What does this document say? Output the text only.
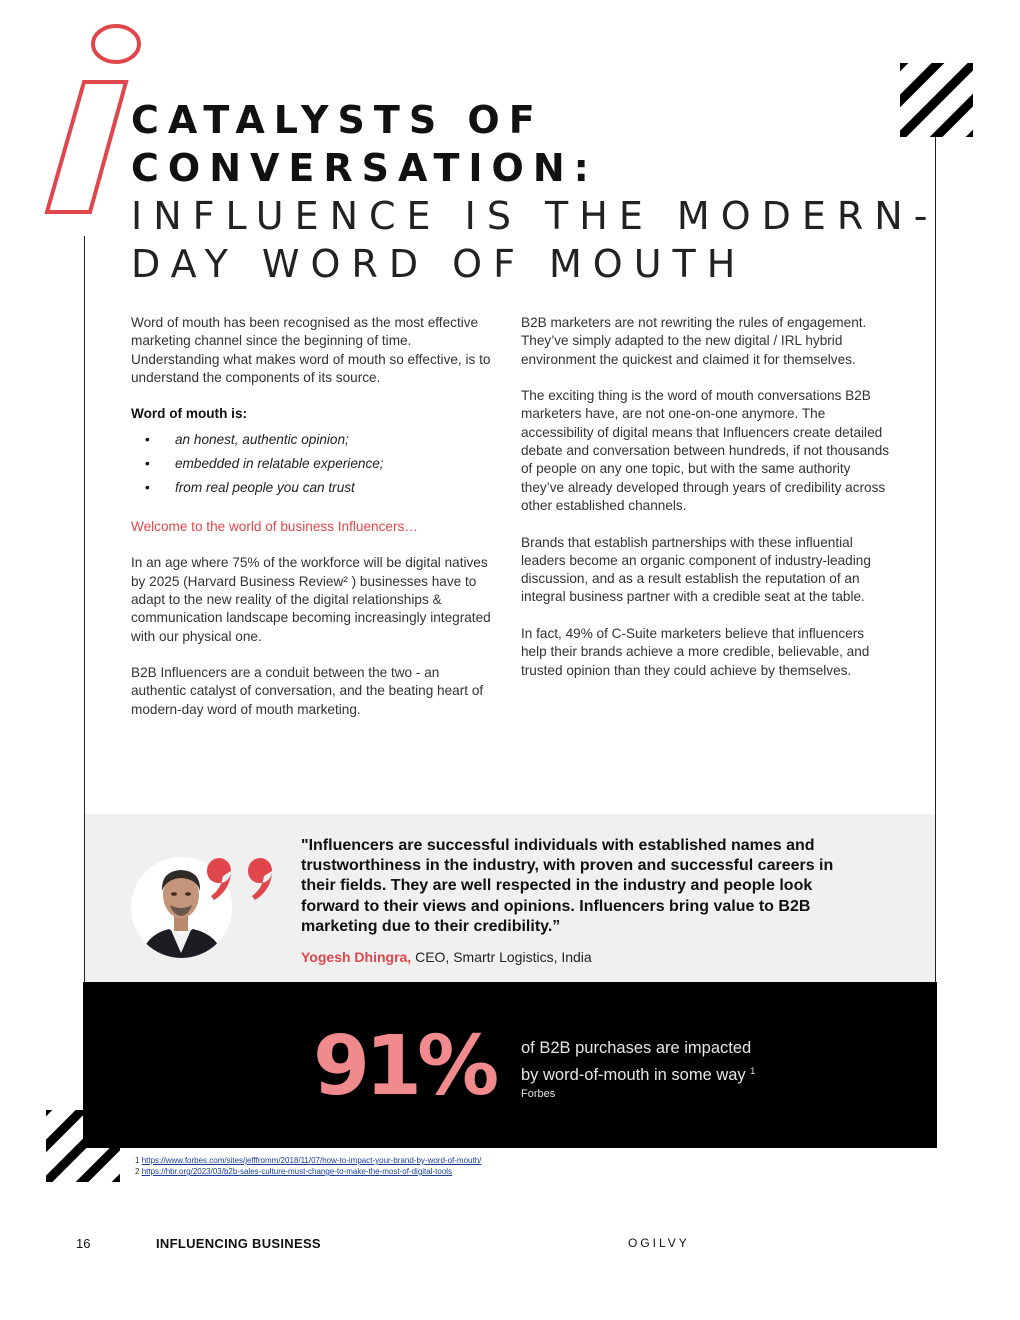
CATALYSTS OF
CONVERSATION:
INFLUENCE IS THE MODERN-
DAY WORD OF MOUTH

Word of mouth has been recognised as the most effective marketing channel since the beginning of time. Understanding what makes word of mouth so effective, is to understand the components of its source.

Word of mouth is:
• an honest, authentic opinion;
• embedded in relatable experience;
• from real people you can trust

Welcome to the world of business Influencers…

In an age where 75% of the workforce will be digital natives by 2025 (Harvard Business Review² ) businesses have to adapt to the new reality of the digital relationships & communication landscape becoming increasingly integrated with our physical one.

B2B Influencers are a conduit between the two - an authentic catalyst of conversation, and the beating heart of modern-day word of mouth marketing.

B2B marketers are not rewriting the rules of engagement. They’ve simply adapted to the new digital / IRL hybrid environment the quickest and claimed it for themselves.

The exciting thing is the word of mouth conversations B2B marketers have, are not one-on-one anymore. The accessibility of digital means that Influencers create detailed debate and conversation between hundreds, if not thousands of people on any one topic, but with the same authority they’ve already developed through years of credibility across other established channels.

Brands that establish partnerships with these influential leaders become an organic component of industry-leading discussion, and as a result establish the reputation of an integral business partner with a credible seat at the table.

In fact, 49% of C-Suite marketers believe that influencers help their brands achieve a more credible, believable, and trusted opinion than they could achieve by themselves.

"Influencers are successful individuals with established names and trustworthiness in the industry, with proven and successful careers in their fields. They are well respected in the industry and people look forward to their views and opinions. Influencers bring value to B2B marketing due to their credibility.”
Yogesh Dhingra, CEO, Smartr Logistics, India
91% of B2B purchases are impacted
by word-of-mouth in some way $^1$
Forbes
1 https://www.forbes.com/sites/jefffromm/2018/11/07/how-to-impact-your-brand-by-word-of-mouth/
2 https://hbr.org/2023/03/b2b-sales-culture-must-change-to-make-the-most-of-digital-tools
16	INFLUENCING BUSINESS	OGILVY
